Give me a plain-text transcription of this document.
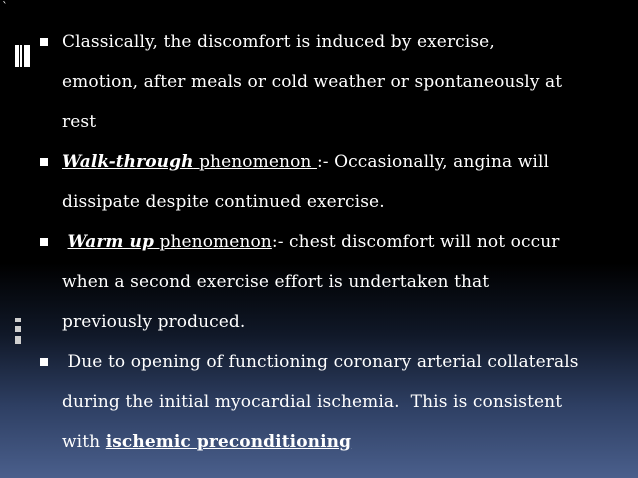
`
Classically, the discomfort is induced by exercise,
emotion, after meals or cold weather or spontaneously at
rest
Walk-through phenomenon :- Occasionally, angina will
dissipate despite continued exercise.
Warm up phenomenon:- chest discomfort will not occur
when a second exercise effort is undertaken that
previously produced.
Due to opening of functioning coronary arterial collaterals
during the initial myocardial ischemia.  This is consistent
with ischemic preconditioning
